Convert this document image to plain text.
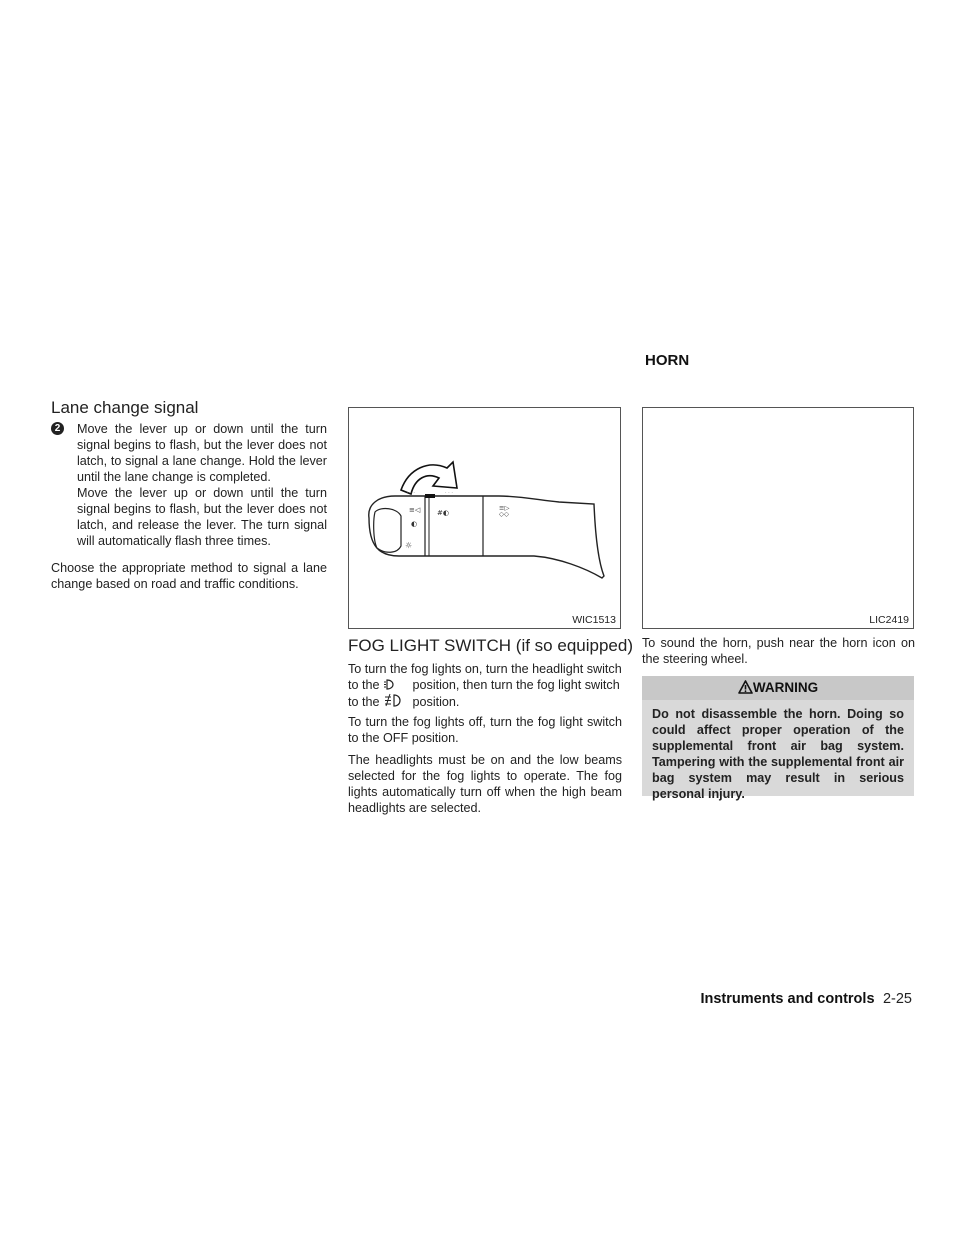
Lane change signal
2 Move the lever up or down until the turn signal begins to flash, but the lever does not latch, to signal a lane change. Hold the lever until the lane change is completed.
Move the lever up or down until the turn signal begins to flash, but the lever does not latch, and release the lever. The turn signal will automatically flash three times.
Choose the appropriate method to signal a lane change based on road and traffic conditions.
≡◁
◐
#◐
☼
≡▷
◇◇
· · ·	· · ·
WIC1513
FOG LIGHT SWITCH (if so equipped)
To turn the fog lights on, turn the headlight switch to the	position, then turn the fog light switch to the	position.
To turn the fog lights off, turn the fog light switch to the OFF position.
The headlights must be on and the low beams selected for the fog lights to operate. The fog lights automatically turn off when the high beam headlights are selected.
HORN
LIC2419
To sound the horn, push near the horn icon on the steering wheel.
WARNING
Do not disassemble the horn. Doing so could affect proper operation of the supplemental front air bag system. Tampering with the supplemental front air bag system may result in serious personal injury.
Instruments and controls 2-25
